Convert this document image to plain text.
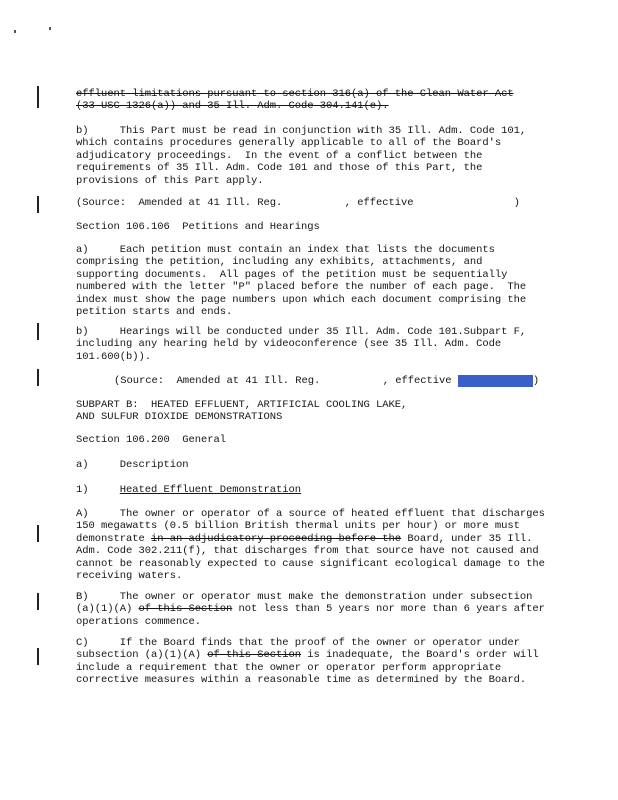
effluent limitations pursuant to section 316(a) of the Clean Water Act
(33 USC 1326(a)) and 35 Ill. Adm. Code 304.141(e).
b)	This Part must be read in conjunction with 35 Ill. Adm. Code 101, which contains procedures generally applicable to all of the Board's adjudicatory proceedings.  In the event of a conflict between the requirements of 35 Ill. Adm. Code 101 and those of this Part, the provisions of this Part apply.
(Source:  Amended at 41 Ill. Reg.          , effective                )
Section 106.106  Petitions and Hearings
a)	Each petition must contain an index that lists the documents comprising the petition, including any exhibits, attachments, and supporting documents.  All pages of the petition must be sequentially numbered with the letter "P" placed before the number of each page.  The index must show the page numbers upon which each document comprising the petition starts and ends.
b)	Hearings will be conducted under 35 Ill. Adm. Code 101.Subpart F, including any hearing held by videoconference (see 35 Ill. Adm. Code 101.600(b)).
(Source:  Amended at 41 Ill. Reg.          , effective ____________)
SUBPART B:  HEATED EFFLUENT, ARTIFICIAL COOLING LAKE,
AND SULFUR DIOXIDE DEMONSTRATIONS
Section 106.200  General
a)	Description
1)	Heated Effluent Demonstration
A)	The owner or operator of a source of heated effluent that discharges 150 megawatts (0.5 billion British thermal units per hour) or more must demonstrate in an adjudicatory proceeding before the Board, under 35 Ill. Adm. Code 302.211(f), that discharges from that source have not caused and cannot be reasonably expected to cause significant ecological damage to the receiving waters.
B)	The owner or operator must make the demonstration under subsection (a)(1)(A) of this Section not less than 5 years nor more than 6 years after operations commence.
C)	If the Board finds that the proof of the owner or operator under subsection (a)(1)(A) of this Section is inadequate, the Board's order will include a requirement that the owner or operator perform appropriate corrective measures within a reasonable time as determined by the Board.
